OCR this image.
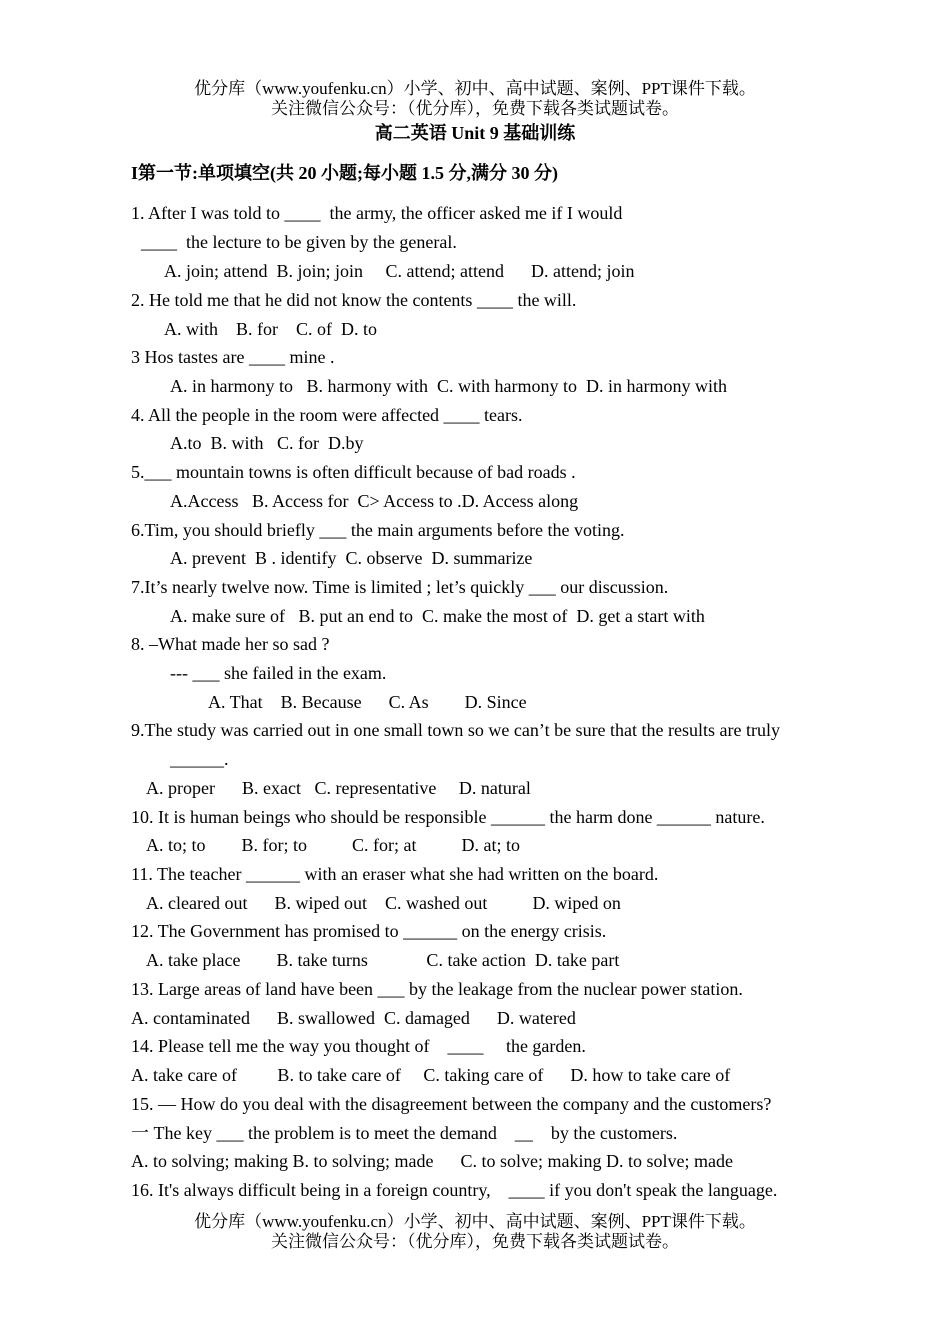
优分库（www.youfenku.cn）小学、初中、高中试题、案例、PPT课件下载。
关注微信公众号：（优分库），免费下载各类试题试卷。
高二英语 Unit 9 基础训练
I第一节:单项填空(共 20 小题;每小题 1.5 分,满分 30 分)
1. After I was told to ____  the army, the officer asked me if I would
____  the lecture to be given by the general.
A. join; attend  B. join; join     C. attend; attend      D. attend; join
2. He told me that he did not know the contents ____ the will.
A. with    B. for    C. of  D. to
3 Hos tastes are ____ mine .
A. in harmony to   B. harmony with  C. with harmony to  D. in harmony with
4. All the people in the room were affected ____ tears.
A.to  B. with   C. for  D.by
5.___ mountain towns is often difficult because of bad roads .
A.Access   B. Access for  C> Access to .D. Access along
6.Tim, you should briefly ___ the main arguments before the voting.
A. prevent  B . identify  C. observe  D. summarize
7.It’s nearly twelve now. Time is limited ; let’s quickly ___ our discussion.
A. make sure of   B. put an end to  C. make the most of  D. get a start with
8. –What made her so sad ?
--- ___ she failed in the exam.
A. That    B. Because      C. As        D. Since
9.The study was carried out in one small town so we can’t be sure that the results are truly
______.
A. proper      B. exact   C. representative     D. natural
10. It is human beings who should be responsible ______ the harm done ______ nature.
A. to; to        B. for; to          C. for; at          D. at; to
11. The teacher ______ with an eraser what she had written on the board.
A. cleared out      B. wiped out    C. washed out          D. wiped on
12. The Government has promised to ______ on the energy crisis.
A. take place        B. take turns             C. take action  D. take part
13. Large areas of land have been ___ by the leakage from the nuclear power station.
A. contaminated      B. swallowed  C. damaged      D. watered
14. Please tell me the way you thought of    ____     the garden.
A. take care of         B. to take care of     C. taking care of      D. how to take care of
15. — How do you deal with the disagreement between the company and the customers?
一 The key ___ the problem is to meet the demand    __    by the customers.
A. to solving; making B. to solving; made      C. to solve; making D. to solve; made
16. It's always difficult being in a foreign country,    ____ if you don't speak the language.
优分库（www.youfenku.cn）小学、初中、高中试题、案例、PPT课件下载。
关注微信公众号：（优分库），免费下载各类试题试卷。
